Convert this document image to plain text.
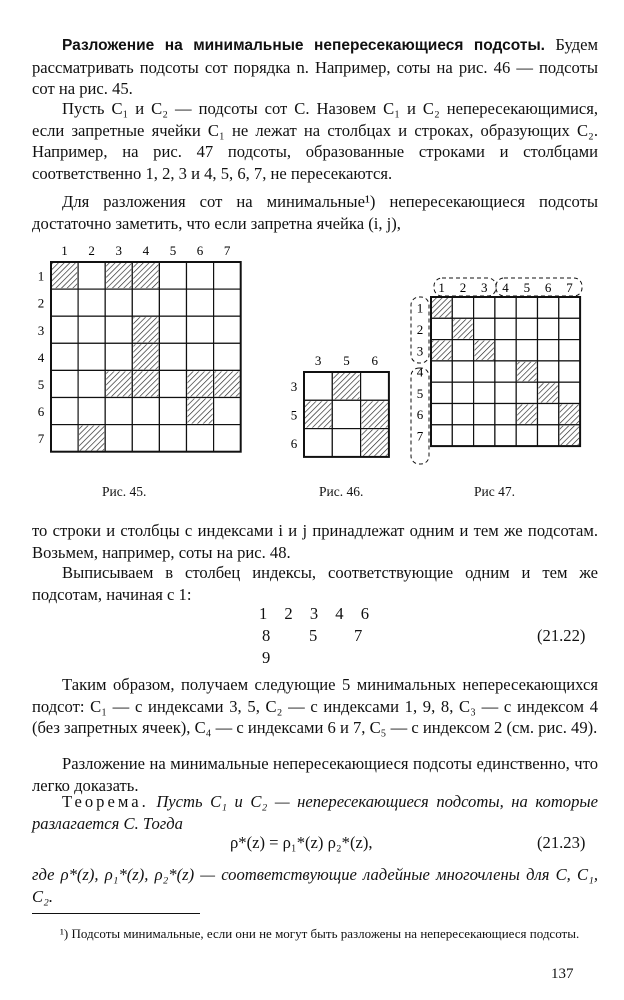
Разложение на минимальные непересекающиеся подсоты. Будем рассматривать подсоты сот порядка n. Например, соты на рис. 46 — подсоты сот на рис. 45.
Пусть C₁ и C₂ — подсоты сот C. Назовем C₁ и C₂ непересекающимися, если запретные ячейки C₁ не лежат на столбцах и строках, образующих C₂. Например, на рис. 47 подсоты, образованные строками и столбцами соответственно 1, 2, 3 и 4, 5, 6, 7, не пересекаются.
Для разложения сот на минимальные¹) непересекающиеся подсоты достаточно заметить, что если запретна ячейка (i, j),
1 2 3 4 5 6 7
1
2
3
4
5
6
7
3 5 6
3
5
6
1 2 3 4 5 6 7
1
2
3
4
5
6
7
Рис. 45.	Рис. 46.	Рис 47.
то строки и столбцы с индексами i и j принадлежат одним и тем же подсотам. Возьмем, например, соты на рис. 48.
Выписываем в столбец индексы, соответствующие одним и тем же подсотам, начиная с 1:
1 2 3 4 6
8 5 7
9
(21.22)
Таким образом, получаем следующие 5 минимальных непересекающихся подсот: C₁ — с индексами 3, 5, C₂ — с индексами 1, 9, 8, C₃ — с индексом 4 (без запретных ячеек), C₄ — с индексами 6 и 7, C₅ — с индексом 2 (см. рис. 49).
Разложение на минимальные непересекающиеся подсоты единственно, что легко доказать.
Теорема. Пусть C₁ и C₂ — непересекающиеся подсоты, на которые разлагается C. Тогда
ρ*(z) = ρ₁*(z) ρ₂*(z),	(21.23)
где ρ*(z), ρ₁*(z), ρ₂*(z) — соответствующие ладейные многочлены для C, C₁, C₂.
¹) Подсоты минимальные, если они не могут быть разложены на непересекающиеся подсоты.
137
